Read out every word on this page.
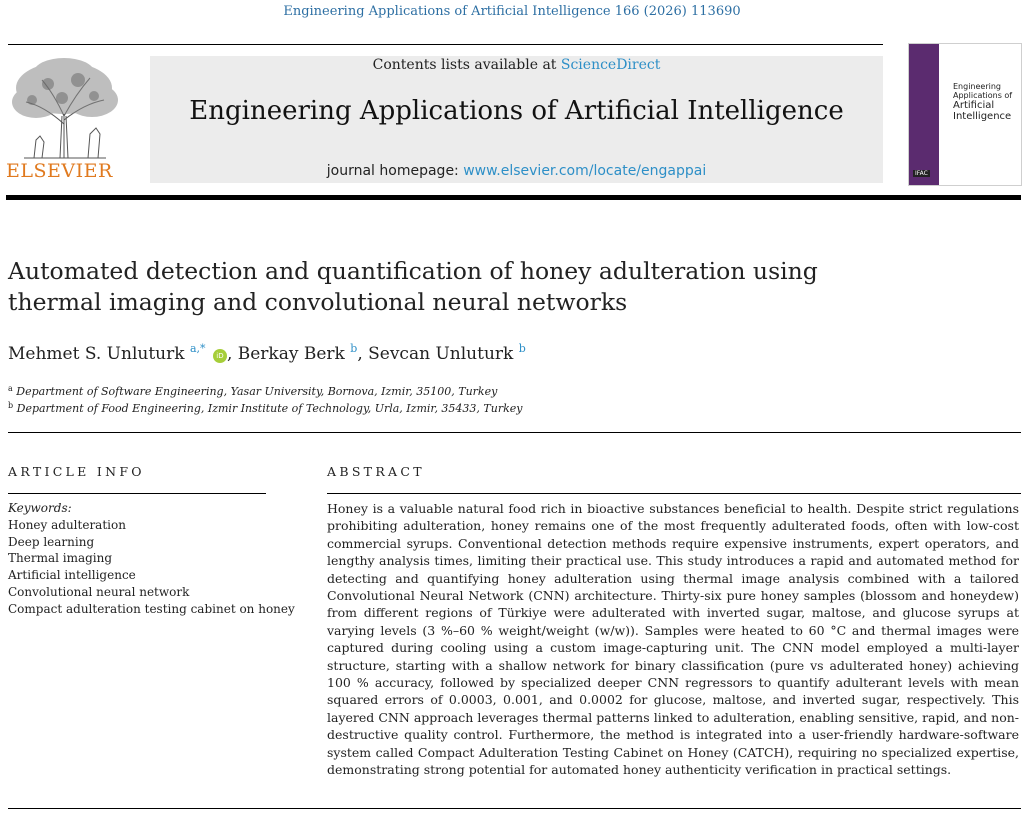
Engineering Applications of Artificial Intelligence 166 (2026) 113690
ELSEVIER
Contents lists available at ScienceDirect
Engineering Applications of Artificial Intelligence
journal homepage: www.elsevier.com/locate/engappai
Engineering Applications of
Artificial Intelligence
IFAC
Automated detection and quantification of honey adulteration using
thermal imaging and convolutional neural networks
Mehmet S. Unluturk $^{a,*}$ iD , Berkay Berk $^b$, Sevcan Unluturk $^b$
$^a$ Department of Software Engineering, Yasar University, Bornova, Izmir, 35100, Turkey
$^b$ Department of Food Engineering, Izmir Institute of Technology, Urla, Izmir, 35433, Turkey
ARTICLE INFO
Keywords:
Honey adulteration
Deep learning
Thermal imaging
Artificial intelligence
Convolutional neural network
Compact adulteration testing cabinet on honey
ABSTRACT

Honey is a valuable natural food rich in bioactive substances beneficial to health. Despite strict regulations prohibiting adulteration, honey remains one of the most frequently adulterated foods, often with low-cost commercial syrups. Conventional detection methods require expensive instruments, expert operators, and lengthy analysis times, limiting their practical use. This study introduces a rapid and automated method for detecting and quantifying honey adulteration using thermal image analysis combined with a tailored Convolutional Neural Network (CNN) architecture. Thirty-six pure honey samples (blossom and honeydew) from different regions of Türkiye were adulterated with inverted sugar, maltose, and glucose syrups at varying levels (3 %–60 % weight/weight (w/w)). Samples were heated to 60 °C and thermal images were captured during cooling using a custom image-capturing unit. The CNN model employed a multi-layer structure, starting with a shallow network for binary classification (pure vs adulterated honey) achieving 100 % accuracy, followed by specialized deeper CNN regressors to quantify adulterant levels with mean squared errors of 0.0003, 0.001, and 0.0002 for glucose, maltose, and inverted sugar, respectively. This layered CNN approach leverages thermal patterns linked to adulteration, enabling sensitive, rapid, and non-destructive quality control. Furthermore, the method is integrated into a user-friendly hardware-software system called Compact Adulteration Testing Cabinet on Honey (CATCH), requiring no specialized expertise, demonstrating strong potential for automated honey authenticity verification in practical settings.
